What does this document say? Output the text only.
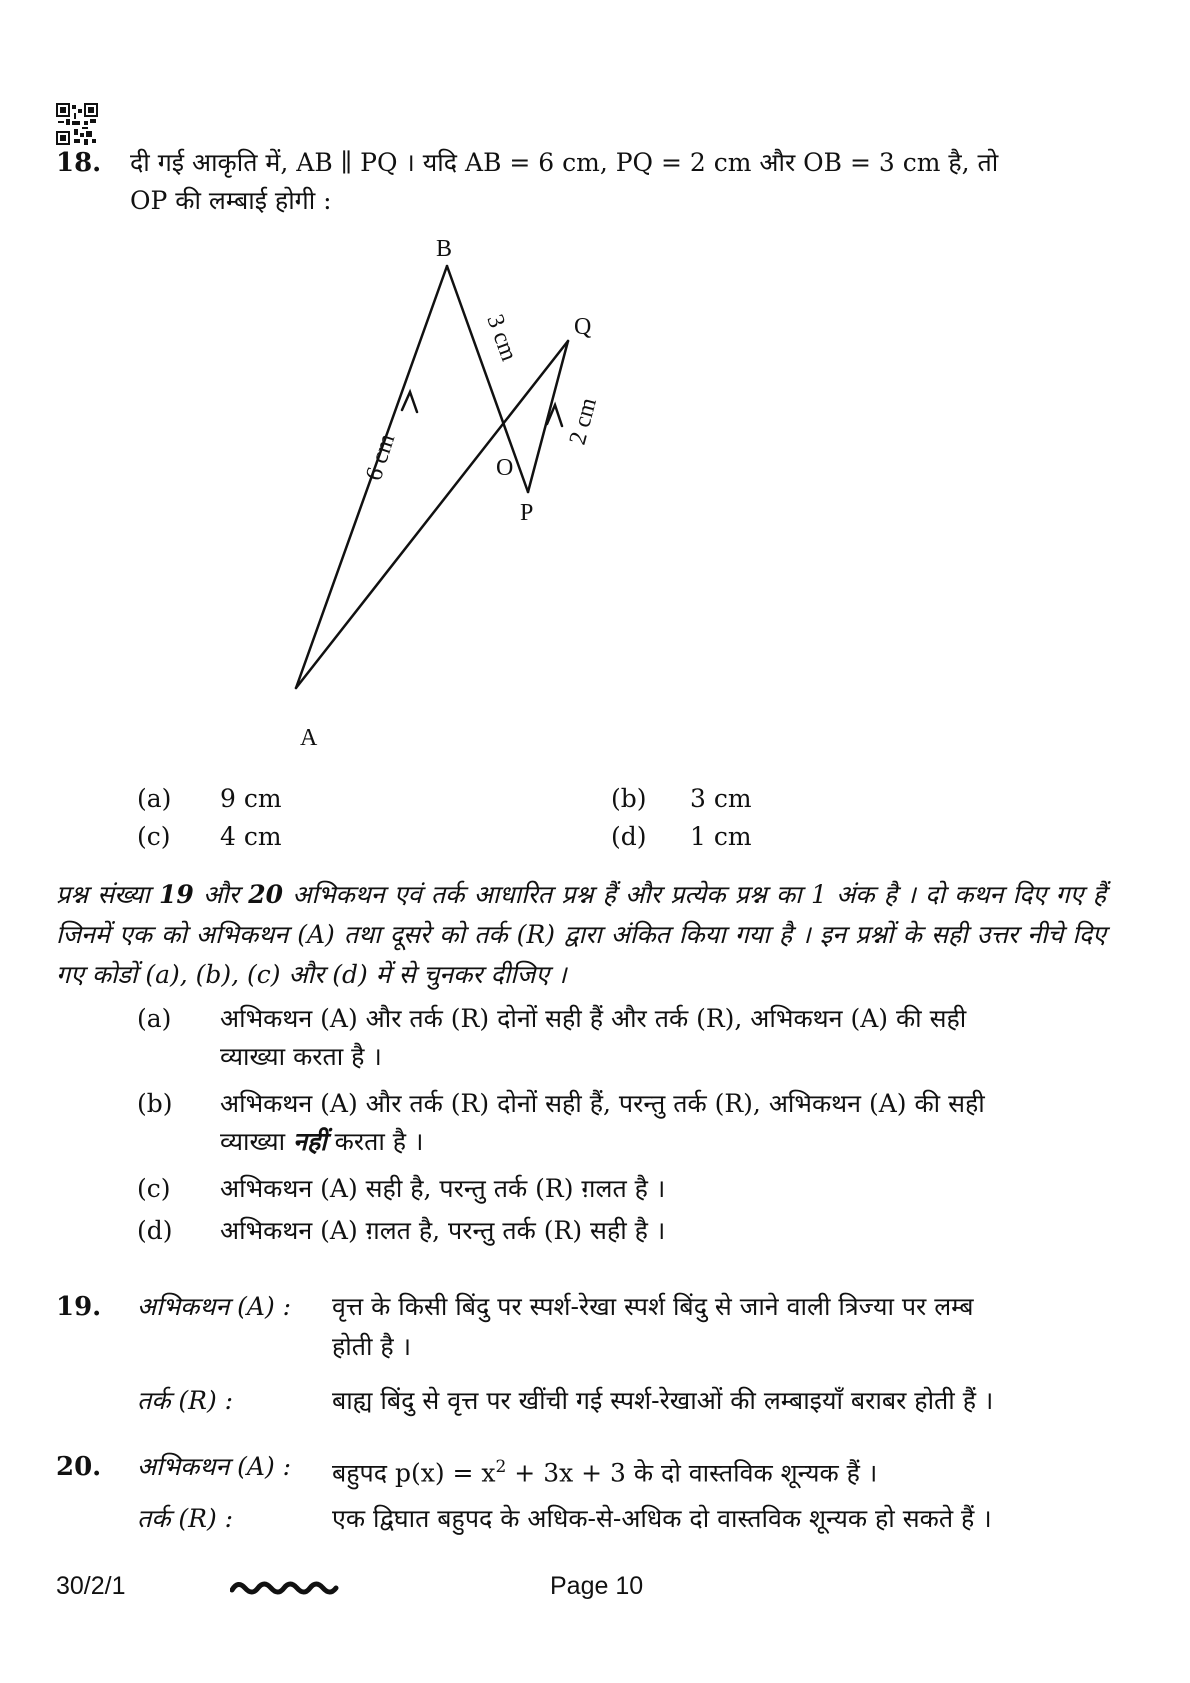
18. दी गई आकृति में, AB ∥ PQ । यदि AB = 6 cm, PQ = 2 cm और OB = 3 cm है, तो
OP की लम्बाई होगी :
B
Q
O
P
A
6 cm
3 cm
2 cm
(a) 9 cm	(b) 3 cm
(c) 4 cm	(d) 1 cm
प्रश्न संख्या 19 और 20 अभिकथन एवं तर्क आधारित प्रश्न हैं और प्रत्येक प्रश्न का 1 अंक है । दो कथन दिए गए हैं जिनमें एक को अभिकथन (A) तथा दूसरे को तर्क (R) द्वारा अंकित किया गया है । इन प्रश्नों के सही उत्तर नीचे दिए गए कोडों (a), (b), (c) और (d) में से चुनकर दीजिए ।
(a) अभिकथन (A) और तर्क (R) दोनों सही हैं और तर्क (R), अभिकथन (A) की सही
व्याख्या करता है ।
(b) अभिकथन (A) और तर्क (R) दोनों सही हैं, परन्तु तर्क (R), अभिकथन (A) की सही
व्याख्या नहीं करता है ।
(c) अभिकथन (A) सही है, परन्तु तर्क (R) ग़लत है ।
(d) अभिकथन (A) ग़लत है, परन्तु तर्क (R) सही है ।
19. अभिकथन (A) : वृत्त के किसी बिंदु पर स्पर्श-रेखा स्पर्श बिंदु से जाने वाली त्रिज्या पर लम्ब
होती है ।
तर्क (R) :	बाह्य बिंदु से वृत्त पर खींची गई स्पर्श-रेखाओं की लम्बाइयाँ बराबर होती हैं ।
20. अभिकथन (A) : बहुपद $p(x) = x^2 + 3x + 3$ के दो वास्तविक शून्यक हैं ।
तर्क (R) :	एक द्विघात बहुपद के अधिक-से-अधिक दो वास्तविक शून्यक हो सकते हैं ।
30/2/1	Page 10
